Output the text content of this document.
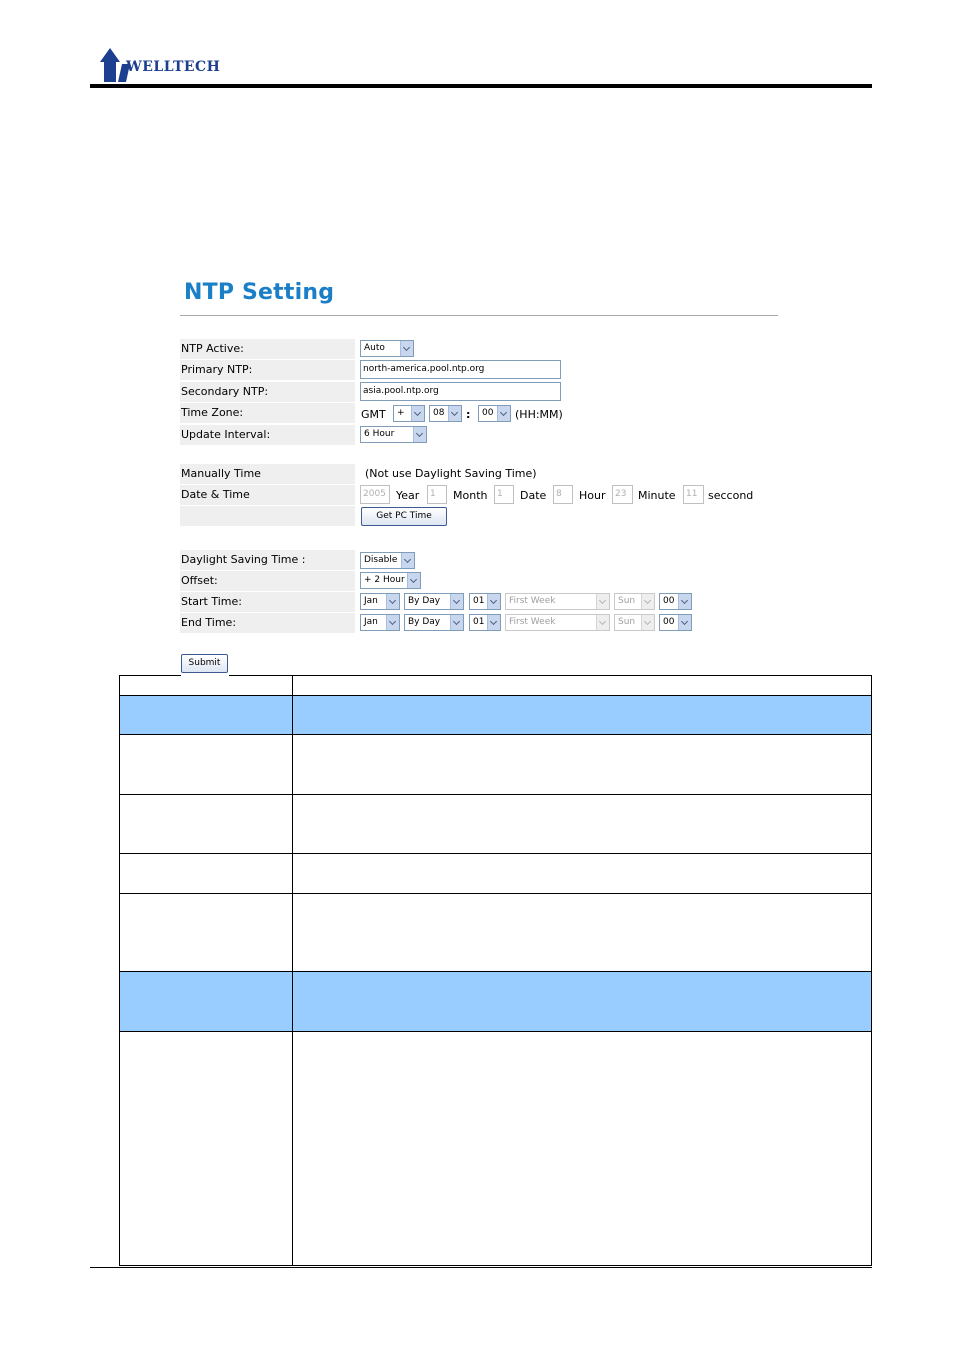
WELLTECH
NTP Setting
NTP Active:	Auto
Primary NTP:	north-america.pool.ntp.org
Secondary NTP:	asia.pool.ntp.org
Time Zone:	GMT	+	08	:	00	(HH:MM)
Update Interval:	6 Hour
Manually Time	(Not use Daylight Saving Time)
Date & Time	2005 Year	1	Month	1	Date	8	Hour	23	Minute	11 seccond
Get PC Time
Daylight Saving Time :	Disable
Offset:	+ 2 Hour
Start Time:	Jan	By Day	01	First Week	Sun	00
End Time:	Jan	By Day	01	First Week	Sun	00
Submit
